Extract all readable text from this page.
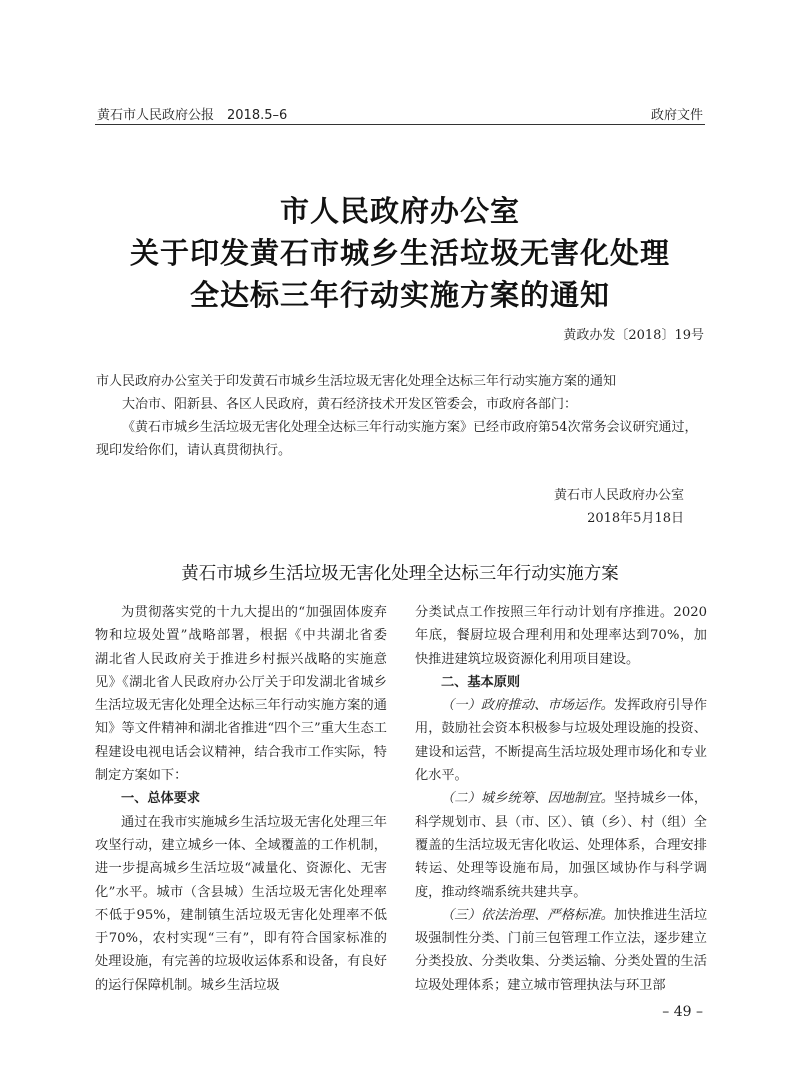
黄石市人民政府公报　2018.5–6	政府文件
市人民政府办公室
关于印发黄石市城乡生活垃圾无害化处理
全达标三年行动实施方案的通知
黄政办发〔2018〕19号

市人民政府办公室关于印发黄石市城乡生活垃圾无害化处理全达标三年行动实施方案的通知

大冶市、阳新县、各区人民政府，黄石经济技术开发区管委会，市政府各部门：

《黄石市城乡生活垃圾无害化处理全达标三年行动实施方案》已经市政府第54次常务会议研究通过，现印发给你们，请认真贯彻执行。

黄石市人民政府办公室
2018年5月18日
黄石市城乡生活垃圾无害化处理全达标三年行动实施方案

为贯彻落实党的十九大提出的“加强固体废弃物和垃圾处置”战略部署，根据《中共湖北省委　湖北省人民政府关于推进乡村振兴战略的实施意见》《湖北省人民政府办公厅关于印发湖北省城乡生活垃圾无害化处理全达标三年行动实施方案的通知》等文件精神和湖北省推进“四个三”重大生态工程建设电视电话会议精神，结合我市工作实际，特制定方案如下：

一、总体要求

通过在我市实施城乡生活垃圾无害化处理三年攻坚行动，建立城乡一体、全域覆盖的工作机制，进一步提高城乡生活垃圾“减量化、资源化、无害化”水平。城市（含县城）生活垃圾无害化处理率不低于95%，建制镇生活垃圾无害化处理率不低于70%，农村实现“三有”，即有符合国家标准的处理设施，有完善的垃圾收运体系和设备，有良好的运行保障机制。城乡生活垃圾

分类试点工作按照三年行动计划有序推进。2020年底，餐厨垃圾合理利用和处理率达到70%，加快推进建筑垃圾资源化利用项目建设。

二、基本原则

（一）政府推动、市场运作。发挥政府引导作用，鼓励社会资本积极参与垃圾处理设施的投资、建设和运营，不断提高生活垃圾处理市场化和专业化水平。

（二）城乡统筹、因地制宜。坚持城乡一体，科学规划市、县（市、区）、镇（乡）、村（组）全覆盖的生活垃圾无害化收运、处理体系，合理安排转运、处理等设施布局，加强区域协作与科学调度，推动终端系统共建共享。

（三）依法治理、严格标准。加快推进生活垃圾强制性分类、门前三包管理工作立法，逐步建立分类投放、分类收集、分类运输、分类处置的生活垃圾处理体系；建立城市管理执法与环卫部

– 49 –
